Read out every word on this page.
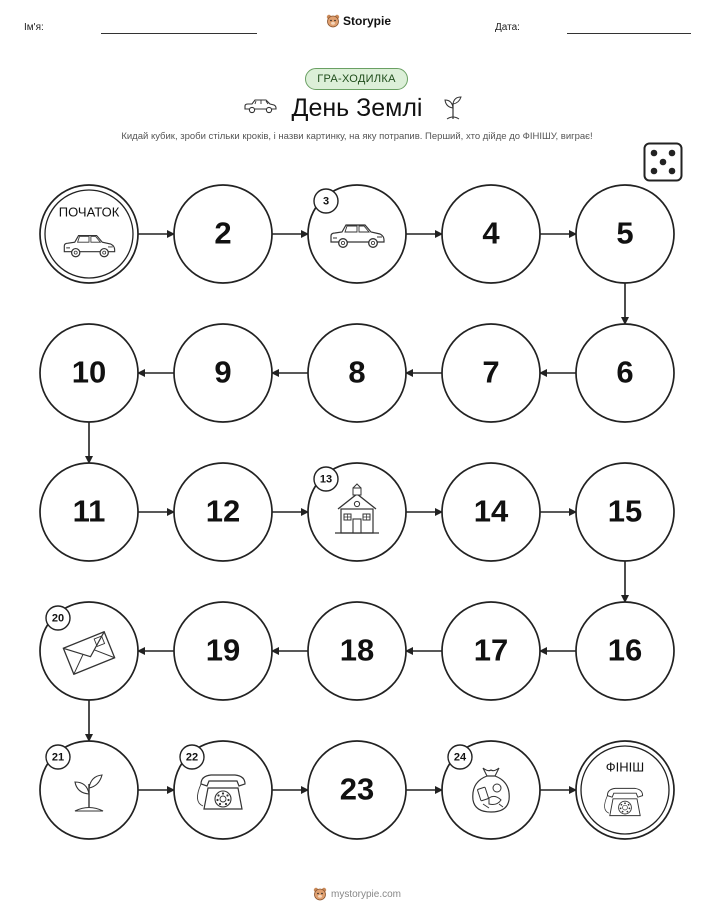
Ім'я:	Storypie	Дата:
ГРА-ХОДИЛКА
День Землі
Кидай кубик, зроби стільки кроків, і назви картинку, на яку потрапив. Перший, хто дійде до ФІНІШУ, виграє!
ПОЧАТОК
2
3
4	5
6
7
8
9
10
11	12
13
14	15
16
17
18
19
20
21	22
23
24
ФІНІШ
mystorypie.com
